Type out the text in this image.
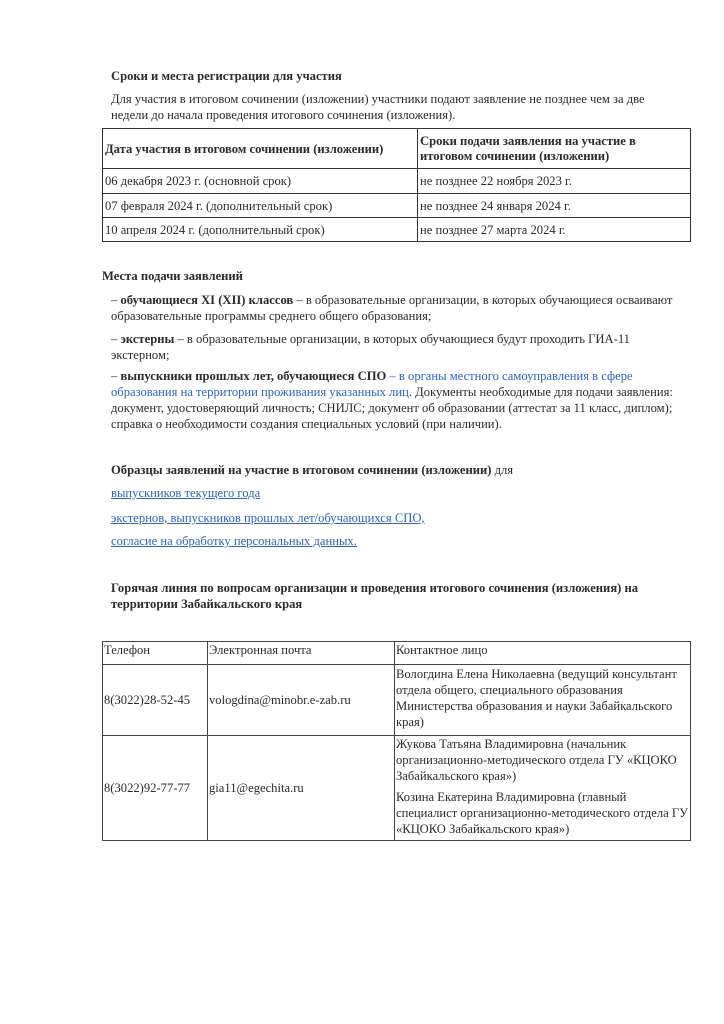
Сроки и места регистрации для участия
Для участия в итоговом сочинении (изложении) участники подают заявление не позднее чем за две недели до начала проведения итогового сочинения (изложения).
Дата участия в итоговом сочинении (изложении)	Сроки подачи заявления на участие в итоговом сочинении (изложении)
06 декабря 2023 г. (основной срок)	не позднее 22 ноября 2023 г.
07 февраля 2024 г. (дополнительный срок)	не позднее 24 января 2024 г.
10 апреля 2024 г. (дополнительный срок)	не позднее 27 марта 2024 г.
Места подачи заявлений
– обучающиеся XI (XII) классов – в образовательные организации, в которых обучающиеся осваивают образовательные программы среднего общего образования;
– экстерны – в образовательные организации, в которых обучающиеся будут проходить ГИА-11 экстерном;
– выпускники прошлых лет, обучающиеся СПО – в органы местного самоуправления в сфере образования на территории проживания указанных лиц. Документы необходимые для подачи заявления: документ, удостоверяющий личность; СНИЛС; документ об образовании (аттестат за 11 класс, диплом); справка о необходимости создания специальных условий (при наличии).
Образцы заявлений на участие в итоговом сочинении (изложении) для
выпускников текущего года
экстернов, выпускников прошлых лет/обучающихся СПО,
согласие на обработку персональных данных.
Горячая линия по вопросам организации и проведения итогового сочинения (изложения) на территории Забайкальского края
Телефон	Электронная почта	Контактное лицо
8(3022)28-52-45	vologdina@minobr.e-zab.ru	Вологдина Елена Николаевна (ведущий консультант отдела общего, специального образования Министерства образования и науки Забайкальского края)
8(3022)92-77-77	gia11@egechita.ru	Жукова Татьяна Владимировна (начальник организационно-методического отдела ГУ «КЦОКО Забайкальского края»)

Козина Екатерина Владимировна (главный специалист организационно-методического отдела ГУ «КЦОКО Забайкальского края»)
